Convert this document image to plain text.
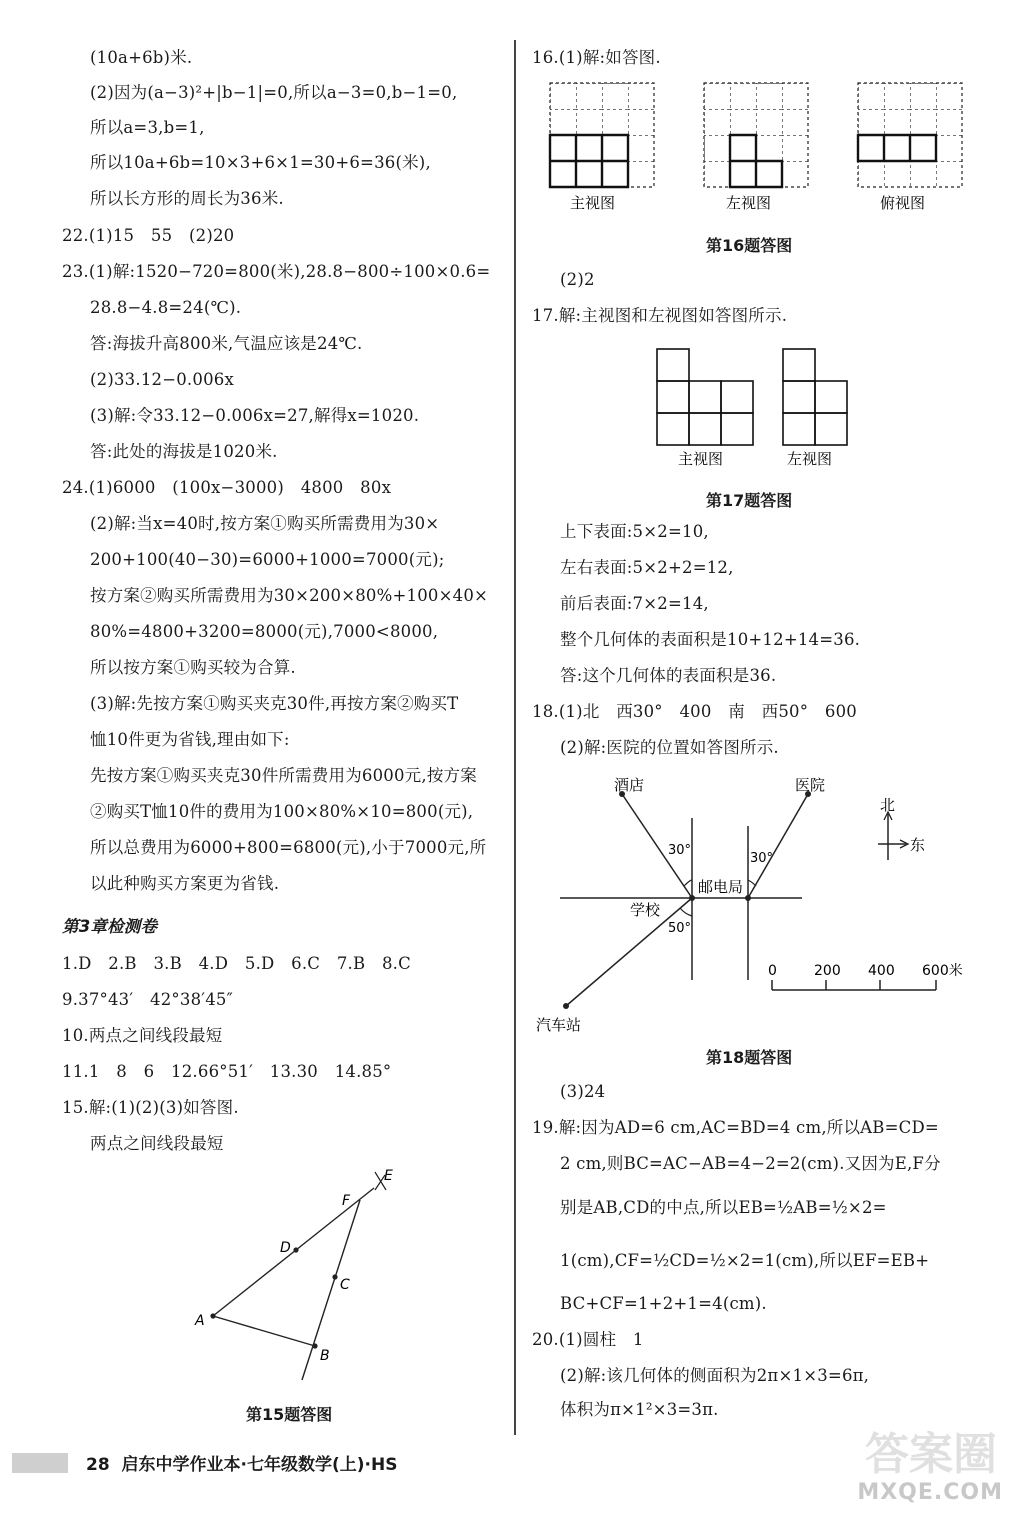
(10a+6b)米.
(2)因为(a−3)²+|b−1|=0,所以a−3=0,b−1=0,
所以a=3,b=1,
所以10a+6b=10×3+6×1=30+6=36(米),
所以长方形的周长为36米.
22.(1)15　55　(2)20
23.(1)解:1520−720=800(米),28.8−800÷100×0.6=
28.8−4.8=24(℃).
答:海拔升高800米,气温应该是24℃.
(2)33.12−0.006x
(3)解:令33.12−0.006x=27,解得x=1020.
答:此处的海拔是1020米.
24.(1)6000　(100x−3000)　4800　80x
(2)解:当x=40时,按方案①购买所需费用为30×
200+100(40−30)=6000+1000=7000(元);
按方案②购买所需费用为30×200×80%+100×40×
80%=4800+3200=8000(元),7000<8000,
所以按方案①购买较为合算.
(3)解:先按方案①购买夹克30件,再按方案②购买T
恤10件更为省钱,理由如下:
先按方案①购买夹克30件所需费用为6000元,按方案
②购买T恤10件的费用为100×80%×10=800(元),
所以总费用为6000+800=6800(元),小于7000元,所
以此种购买方案更为省钱.
第3章检测卷
1.D　2.B　3.B　4.D　5.D　6.C　7.B　8.C
9.37°43′　42°38′45″
10.两点之间线段最短
11.1　8　6　12.66°51′　13.30　14.85°
15.解:(1)(2)(3)如答图.
两点之间线段最短
A
D
C
B
F
E
第15题答图
16.(1)解:如答图.
(2)2
17.解:主视图和左视图如答图所示.
上下表面:5×2=10,
左右表面:5×2+2=12,
前后表面:7×2=14,
整个几何体的表面积是10+12+14=36.
答:这个几何体的表面积是36.
18.(1)北　西30°　400　南　西50°　600
(2)解:医院的位置如答图所示.
(3)24
19.解:因为AD=6 cm,AC=BD=4 cm,所以AB=CD=
2 cm,则BC=AC−AB=4−2=2(cm).又因为E,F分
别是AB,CD的中点,所以EB=½AB=½×2=
1(cm),CF=½CD=½×2=1(cm),所以EF=EB+
BC+CF=1+2+1=4(cm).
20.(1)圆柱　1
(2)解:该几何体的侧面积为2π×1×3=6π,
体积为π×1²×3=3π.
主视图	左视图	俯视图
第16题答图
主视图	左视图
第17题答图
酒店	医院
邮电局
学校
汽车站
30°
30°
50°
北
东
0	200 400 600米
第18题答图
28 启东中学作业本·七年级数学(上)·HS	答案圈
MXQE.COM
